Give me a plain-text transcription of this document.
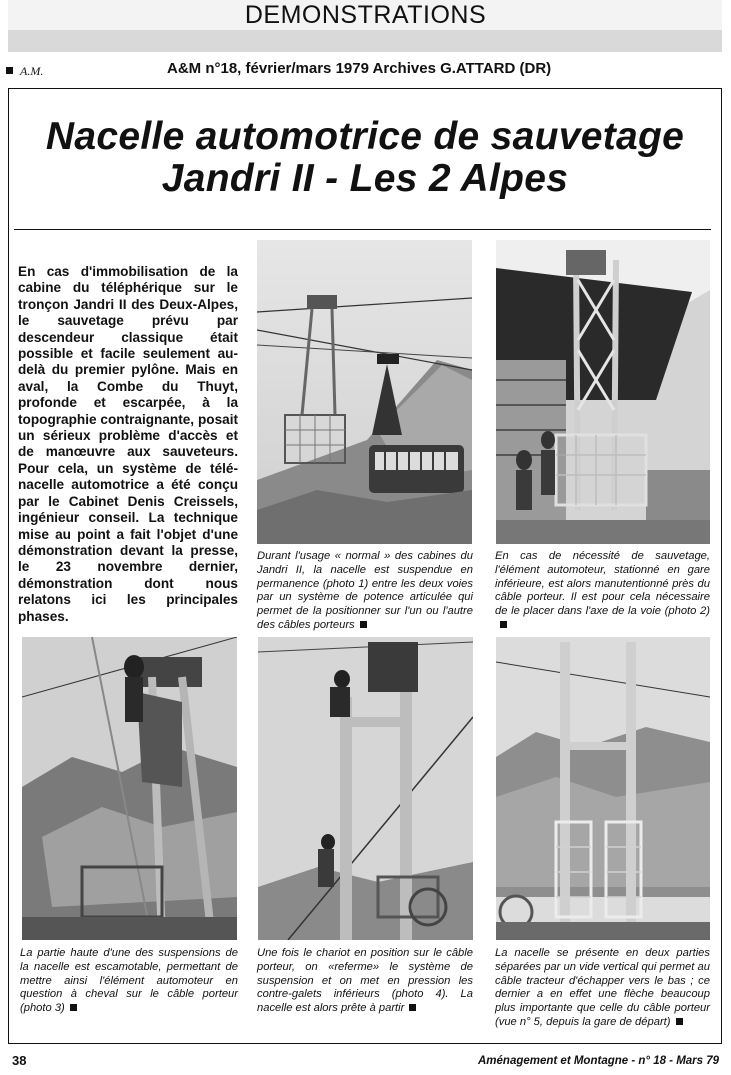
DEMONSTRATIONS
A.M.	A&M n°18, février/mars 1979 Archives G.ATTARD (DR)
Nacelle automotrice de sauvetage
Jandri II - Les 2 Alpes
En cas d'immobilisation de la cabine du téléphérique sur le tronçon Jandri II des Deux-Alpes, le sauvetage prévu par descendeur classique était possible et facile seulement au-delà du premier pylône. Mais en aval, la Combe du Thuyt, profonde et escarpée, à la topographie contraignante, posait un sérieux problème d'accès et de manœuvre aux sauveteurs. Pour cela, un système de télé-nacelle automotrice a été conçu par le Cabinet Denis Creissels, ingénieur conseil. La technique mise au point a fait l'objet d'une démonstration devant la presse, le 23 novembre dernier, démonstration dont nous relatons ici les principales phases.
Durant l'usage « normal » des cabines du Jandri II, la nacelle est suspendue en permanence (photo 1) entre les deux voies par un système de potence articulée qui permet de la positionner sur l'un ou l'autre des câbles porteurs
En cas de nécessité de sauvetage, l'élément automoteur, stationné en gare inférieure, est alors manutentionné près du câble porteur. Il est pour cela nécessaire de le placer dans l'axe de la voie (photo 2)
La partie haute d'une des suspensions de la nacelle est escamotable, permettant de mettre ainsi l'élément automoteur en question à cheval sur le câble porteur (photo 3)
Une fois le chariot en position sur le câble porteur, on «referme» le système de suspension et on met en pression les contre-galets inférieurs (photo 4). La nacelle est alors prête à partir
La nacelle se présente en deux parties séparées par un vide vertical qui permet au câble tracteur d'échapper vers le bas ; ce dernier a en effet une flèche beaucoup plus importante que celle du câble porteur (vue n° 5, depuis la gare de départ)
38	Aménagement et Montagne - n° 18 - Mars 79
